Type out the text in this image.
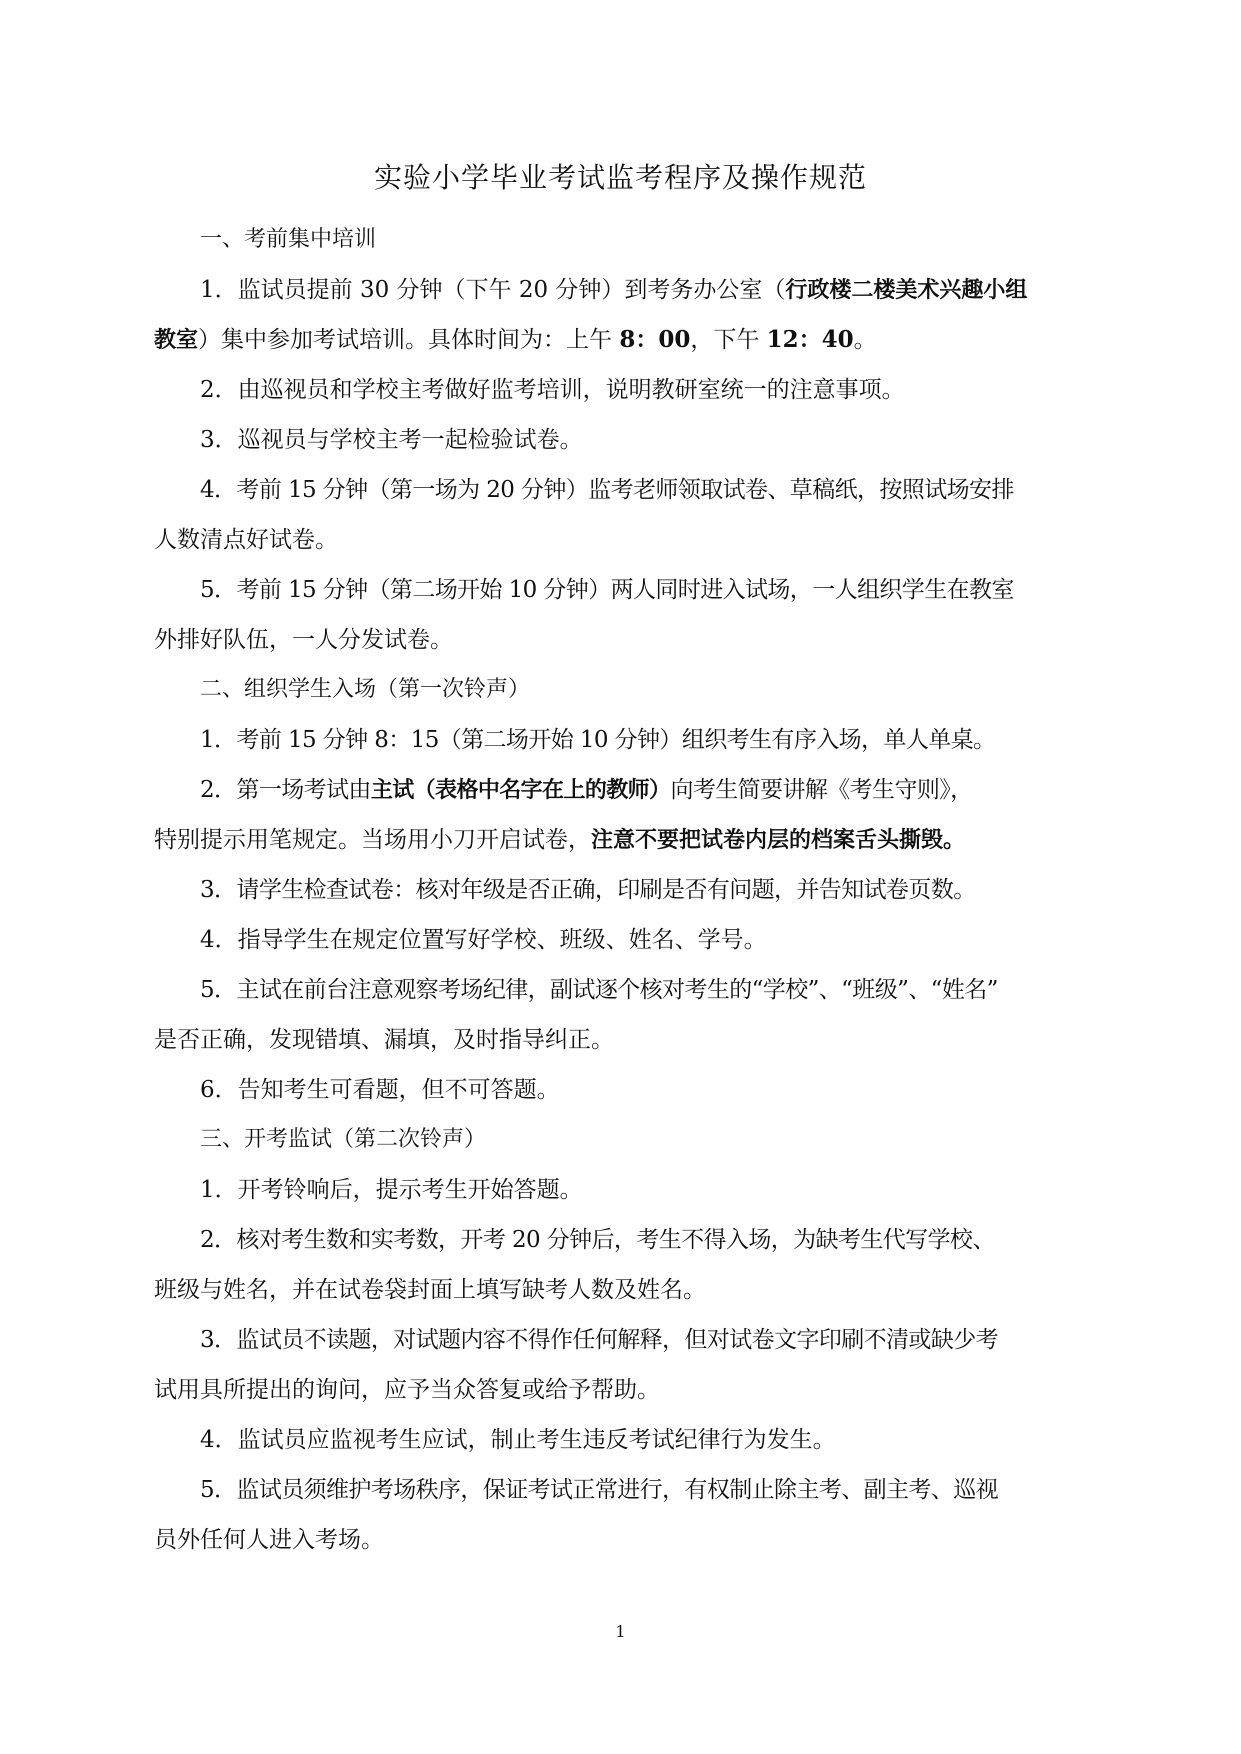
实验小学毕业考试监考程序及操作规范
一、考前集中培训
1．监试员提前 30 分钟（下午 20 分钟）到考务办公室（行政楼二楼美术兴趣小组
教室）集中参加考试培训。具体时间为：上午 8：00，下午 12：40。
2．由巡视员和学校主考做好监考培训，说明教研室统一的注意事项。
3．巡视员与学校主考一起检验试卷。
4．考前 15 分钟（第一场为 20 分钟）监考老师领取试卷、草稿纸，按照试场安排
人数清点好试卷。
5．考前 15 分钟（第二场开始 10 分钟）两人同时进入试场，一人组织学生在教室
外排好队伍，一人分发试卷。
二、组织学生入场（第一次铃声）
1．考前 15 分钟 8：15（第二场开始 10 分钟）组织考生有序入场，单人单桌。
2．第一场考试由主试（表格中名字在上的教师）向考生简要讲解《考生守则》，
特别提示用笔规定。当场用小刀开启试卷，注意不要把试卷内层的档案舌头撕毁。
3．请学生检查试卷：核对年级是否正确，印刷是否有问题，并告知试卷页数。
4．指导学生在规定位置写好学校、班级、姓名、学号。
5．主试在前台注意观察考场纪律，副试逐个核对考生的“学校”、“班级”、“姓名”
是否正确，发现错填、漏填，及时指导纠正。
6．告知考生可看题，但不可答题。
三、开考监试（第二次铃声）
1．开考铃响后，提示考生开始答题。
2．核对考生数和实考数，开考 20 分钟后，考生不得入场，为缺考生代写学校、
班级与姓名，并在试卷袋封面上填写缺考人数及姓名。
3．监试员不读题，对试题内容不得作任何解释，但对试卷文字印刷不清或缺少考
试用具所提出的询问，应予当众答复或给予帮助。
4．监试员应监视考生应试，制止考生违反考试纪律行为发生。
5．监试员须维护考场秩序，保证考试正常进行，有权制止除主考、副主考、巡视
员外任何人进入考场。
1
